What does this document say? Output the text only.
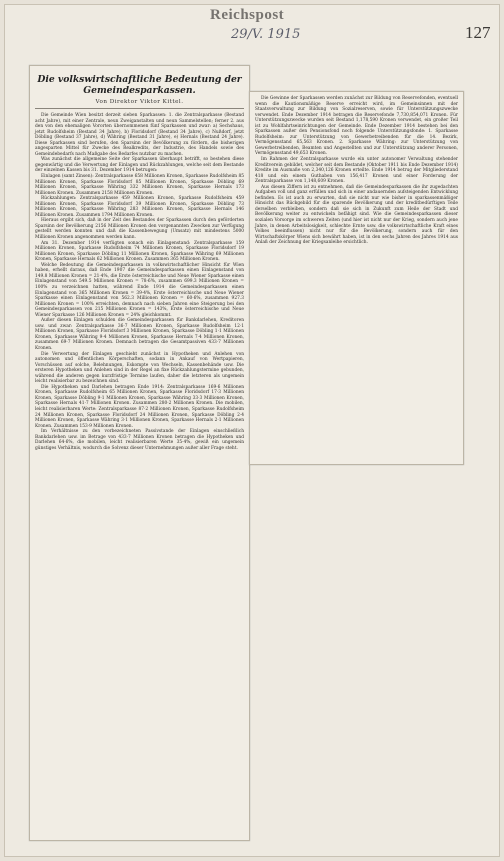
Reichspost
29/V. 1915	127
Die volkswirtschaftliche Bedeutung der Gemeindesparkassen.
Von Direktor Viktor Kittel.

Die Gemeinde Wien besitzt derzeit sieben Sparkassen: 1. die Zentralsparkasse (Bestand acht Jahre), mit einer Zentrale, neun Zweiganstalten und neun Sammelstellen; ferner 2. aus den von den ehemaligen Vororten übernommenen fünf Sparkassen und zwar: a) Sechshaus, jetzt Rudolfsheim (Bestand 34 Jahre), b) Floridsdorf (Bestand 34 Jahre), c) Nußdorf, jetzt Döbling (Bestand 37 Jahre), d) Währing (Bestand 31 Jahre), e) Hernals (Bestand 24 Jahre). Diese Sparkassen sind berufen, den Sparsinn der Bevölkerung zu fördern, die bisherigen angesparten Mittel für Zwecke des Realkredits, der Industrie, des Handels sowie des Gemeindebedarfs nach Maßgabe des Bedarfes nutzbar zu machen.

Was zunächst die allgemeine Seite der Sparkassen überhaupt betrifft, so bestehen diese gegenwärtig und die Verwertung der Einlagen und Rückzahlungen, welche seit dem Bestande der einzelnen Kassen bis 31. Dezember 1914 betrugen:

Einlagen (samt Zinsen): Zentralsparkasse 658 Millionen Kronen, Sparkasse Rudolfsheim 85 Millionen Kronen, Sparkasse Floridsdorf 85 Millionen Kronen, Sparkasse Döbling 69 Millionen Kronen, Sparkasse Währing 332 Millionen Kronen, Sparkasse Hernals 173 Millionen Kronen. Zusammen 2158 Millionen Kronen.

Rückzahlungen: Zentralsparkasse 459 Millionen Kronen, Sparkasse Rudolfsheim 459 Millionen Kronen, Sparkasse Floridsdorf 39 Millionen Kronen, Sparkasse Döbling 73 Millionen Kronen, Sparkasse Währing 283 Millionen Kronen, Sparkasse Hernals 146 Millionen Kronen. Zusammen 1794 Millionen Kronen.

Hieraus ergibt sich, daß in der Zeit des Bestandes der Sparkassen durch den geförderten Sparsinn der Bevölkerung 2156 Millionen Kronen den vorgenannten Zwecken zur Verfügung gestellt werden konnten und daß die Kassenbewegung (Umsatz) mit mindestens 5000 Millionen Kronen angenommen werden kann.

Am 31. Dezember 1914 verfügten sonach ein Einlagenstand: Zentralsparkasse 159 Millionen Kronen, Sparkasse Rudolfsheim 74 Millionen Kronen, Sparkasse Floridsdorf 19 Millionen Kronen, Sparkasse Döbling 11 Millionen Kronen, Sparkasse Währing 69 Millionen Kronen, Sparkasse Hernals 62 Millionen Kronen. Zusammen 365 Millionen Kronen.

Welche Bedeutung die Gemeindesparkassen in volkswirtschaftlicher Hinsicht für Wien haben, erhellt daraus, daß Ende 1907 die Gemeindesparkassen einen Einlagenstand von 149.8 Millionen Kronen = 21·4%, die Erste österreichische und Neue Wiener Sparkasse einen Einlagenstand von 549.5 Millionen Kronen = 78·6%, zusammen 699.3 Millionen Kronen = 100% zu verzeichnen hatten, während Ende 1914 die Gemeindesparkassen einen Einlagenstand von 365 Millionen Kronen = 39·4%, Erste österreichische und Neue Wiener Sparkasse einen Einlagenstand von 562.3 Millionen Kronen = 60·6%, zusammen 927.3 Millionen Kronen = 100% erreichten, demnach nach sieben Jahren eine Steigerung bei den Gemeindesparkassen von 215 Millionen Kronen = 143%, Erste österreichische und Neue Wiener Sparkasse 126 Millionen Kronen = 24% gleichkommt.

Außer diesen Einlagen schulden die Gemeindesparkassen für Bankdarlehen, Kreditoren usw. und zwar: Zentralsparkasse 36·7 Millionen Kronen, Sparkasse Rudolfsheim 12·1 Millionen Kronen, Sparkasse Floridsdorf 3 Millionen Kronen, Sparkasse Döbling 1·1 Millionen Kronen, Sparkasse Währing 9·4 Millionen Kronen, Sparkasse Hernals 7·4 Millionen Kronen, zusammen 69·7 Millionen Kronen. Demnach betragen die Gesamtpassiven 433·7 Millionen Kronen.

Die Verwertung der Einlagen geschieht zunächst in Hypotheken und Anlehen von autonomen und öffentlichen Körperschaften, sodann in Ankauf von Wertpapieren, Vorschüssen auf solche, Belehnungen, Eskompte von Wechseln, Kassenbehände usw. Die ersteren Hypotheken und Anlehen sind in der Regel an fixe Rückzahlungstermine gebunden, während die anderen gegen kurzfristige Termine laufen, daher die letzteren als ungemein leicht realisierbar zu bezeichnen sind.

Die Hypotheken und Darlehen betragen Ende 1914: Zentralsparkasse 169·6 Millionen Kronen, Sparkasse Rudolfsheim 65 Millionen Kronen, Sparkasse Floridsdorf 17·3 Millionen Kronen, Sparkasse Döbling 9·1 Millionen Kronen, Sparkasse Währing 33·3 Millionen Kronen, Sparkasse Hernals 41·7 Millionen Kronen. Zusammen 280·2 Millionen Kronen. Die mobilen, leicht realisierbaren Werte: Zentralsparkasse 87·2 Millionen Kronen, Sparkasse Rudolfsheim 24 Millionen Kronen, Sparkasse Floridsdorf 24 Millionen Kronen, Sparkasse Döbling 2·4 Millionen Kronen, Sparkasse Währing 3·1 Millionen Kronen, Sparkasse Hernals 2·1 Millionen Kronen. Zusammen 153·9 Millionen Kronen.

Im Verhältnisse zu den vorbezeichneten Passivstande der Einlagen einschließlich Bankdarlehen usw. im Betrage von 433·7 Millionen Kronen betragen die Hypotheken und Darlehen 64·6%, die mobilen, leicht realisierbaren Werte 35·4%, gewiß ein ungemein günstiges Verhältnis, wodurch die Solvenz dieser Unternehmungen außer aller Frage steht.

Die Gewinne der Sparkassen werden zunächst zur Bildung von Reservefonden, eventuell wenn die Kautionsmäßige Reserve erreicht wird, im Gemeinsinnen mit der Staatsverwaltung zur Bildung von Sozialreserven, sowie für Unterstützungszwecke verwendet. Ende Dezember 1914 betragen die Reservefonde 7,730,854,071 Kronen. Für Unterstützungszwecke wurden seit Bestand 1,178,590 Kronen verwendet, ein großer Teil ist zu Wohlfahrtseinrichtungen der Gemeinde. Ende Dezember 1914 bestehen bei den Sparkassen außer den Pensionsfond noch folgende Unterstützungsfonde: 1. Sparkasse Rudolfsheim: zur Unterstützung von Gewerbetreibenden für die 14. Bezirk, Vermögensstand 65,563 Kronen. 2. Sparkasse Währing: zur Unterstützung von Gewerbetreibenden, Beamten und Angestellten und zur Unterstützung anderer Personen, Vermögensstand 49,653 Kronen.

Im Rahmen der Zentralsparkasse wurde ein unter autonomer Verwaltung stehender Kreditverein gebildet, welcher seit dem Bestande (Oktober 1911 bis Ende Dezember 1914) Kredite im Ausmaße von 2,340,126 Kronen erteilte. Ende 1914 betrug der Mitgliederstand 418 und ein einem Guthaben von 156,417 Kronen und einer Forderung der Zentralsparkasse von 1,148,609 Kronen.

Aus diesen Ziffern ist zu entnehmen, daß die Gemeindesparkassen die ihr zugedachten Aufgaben voll und ganz erfüllen und sich in einer andauernden aufsteigenden Entwicklung befinden. Es ist auch zu erwarten, daß sie nicht nur wie bisher in sparkassenmäßiger Hinsicht das Rückgebild für die sparende Bevölkerung und der kreditbedürftigen Teile derselben verbleiben, sondern daß sie sich in Zukunft zum Heile der Stadt und Bevölkerung weiter zu entwickeln befähigt sind. Wie die Gemeindesparkassen dieser sozialen Vorsorge im schweren Zeiten (und hier ist nicht nur der Krieg, sondern auch jene Jahre, in denen Arbeitslosigkeit, schlechte Ernte usw. die volkswirtschaftliche Kraft eines Volkes beeinflussen) nicht nur für die Bevölkerung, sondern auch für den Wirtschaftskörper Wiens sich bewährt haben, ist in den sechs Jahren des Jahres 1914 aus Anlaß der Zeichnung der Kriegsanleihe ersichtlich.
